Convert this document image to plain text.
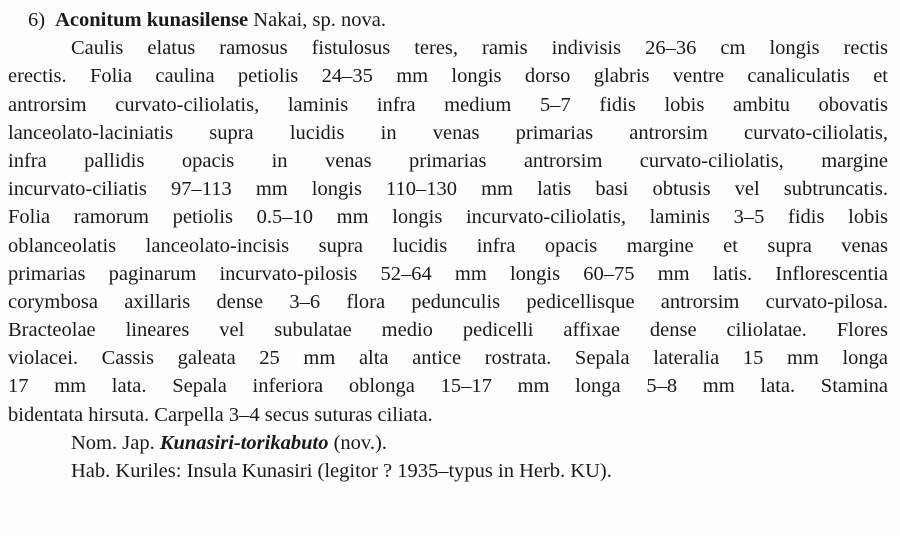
6) Aconitum kunasilense Nakai, sp. nova.
Caulis elatus ramosus fistulosus teres, ramis indivisis 26–36 cm longis rectis
erectis. Folia caulina petiolis 24–35 mm longis dorso glabris ventre canaliculatis et
antrorsim curvato-ciliolatis, laminis infra medium 5–7 fidis lobis ambitu obovatis
lanceolato-laciniatis supra lucidis in venas primarias antrorsim curvato-ciliolatis,
infra pallidis opacis in venas primarias antrorsim curvato-ciliolatis, margine
incurvato-ciliatis 97–113 mm longis 110–130 mm latis basi obtusis vel subtruncatis.
Folia ramorum petiolis 0.5–10 mm longis incurvato-ciliolatis, laminis 3–5 fidis lobis
oblanceolatis lanceolato-incisis supra lucidis infra opacis margine et supra venas
primarias paginarum incurvato-pilosis 52–64 mm longis 60–75 mm latis. Inflorescentia
corymbosa axillaris dense 3–6 flora pedunculis pedicellisque antrorsim curvato-pilosa.
Bracteolae lineares vel subulatae medio pedicelli affixae dense ciliolatae. Flores
violacei. Cassis galeata 25 mm alta antice rostrata. Sepala lateralia 15 mm longa
17 mm lata. Sepala inferiora oblonga 15–17 mm longa 5–8 mm lata. Stamina
bidentata hirsuta. Carpella 3–4 secus suturas ciliata.
Nom. Jap. Kunasiri-torikabuto (nov.).
Hab. Kuriles: Insula Kunasiri (legitor ? 1935–typus in Herb. KU).
